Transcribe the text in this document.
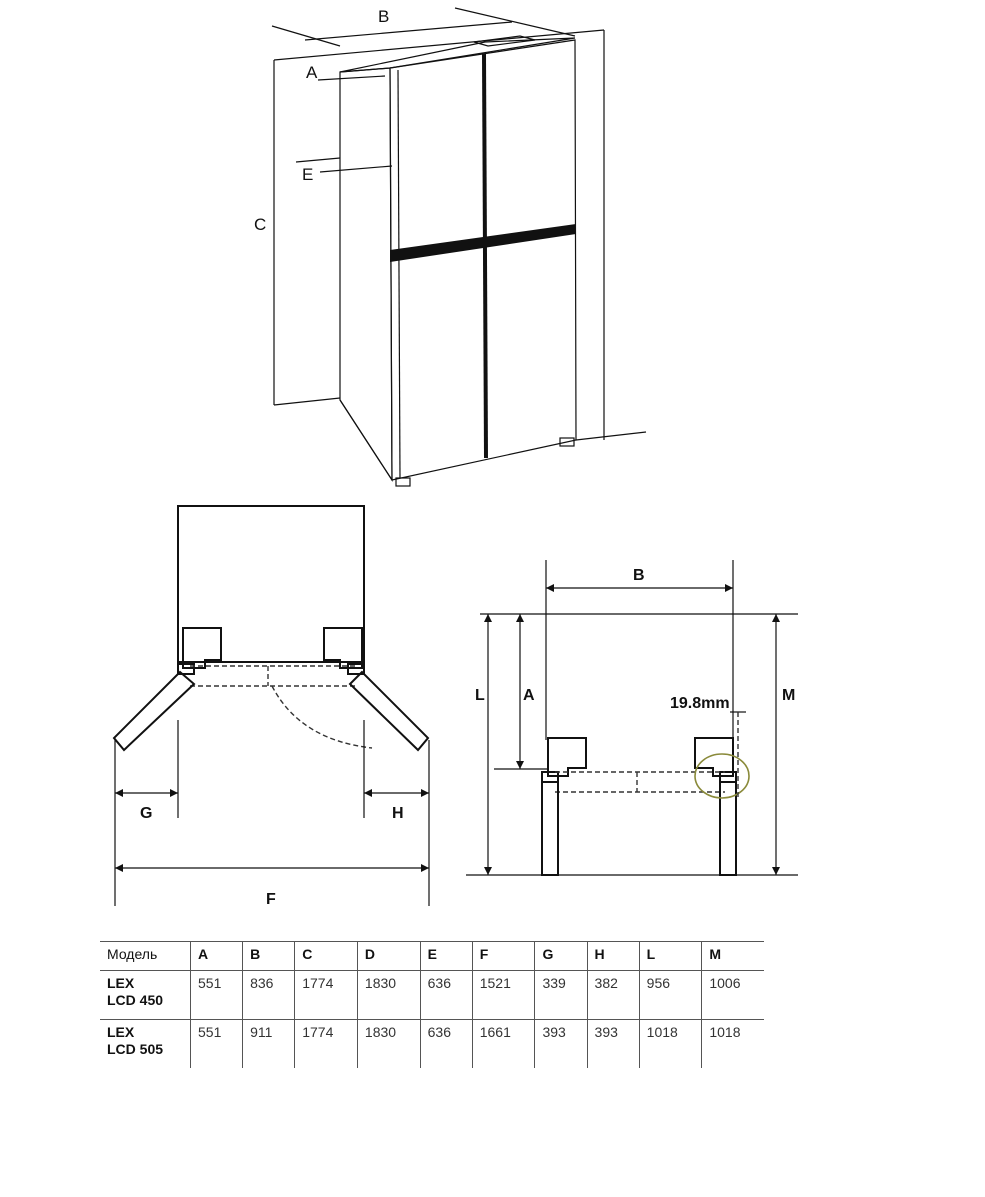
B
A
C
E
G	H
F
B
19.8mm
L A	M
Модель	A	B	C	D	E	F	G	H	L	M

LEX
LCD 450	551	836	1774	1830	636	1521	339	382	956	1006

LEX
LCD 505	551	911	1774	1830	636	1661	393	393	1018	1018
